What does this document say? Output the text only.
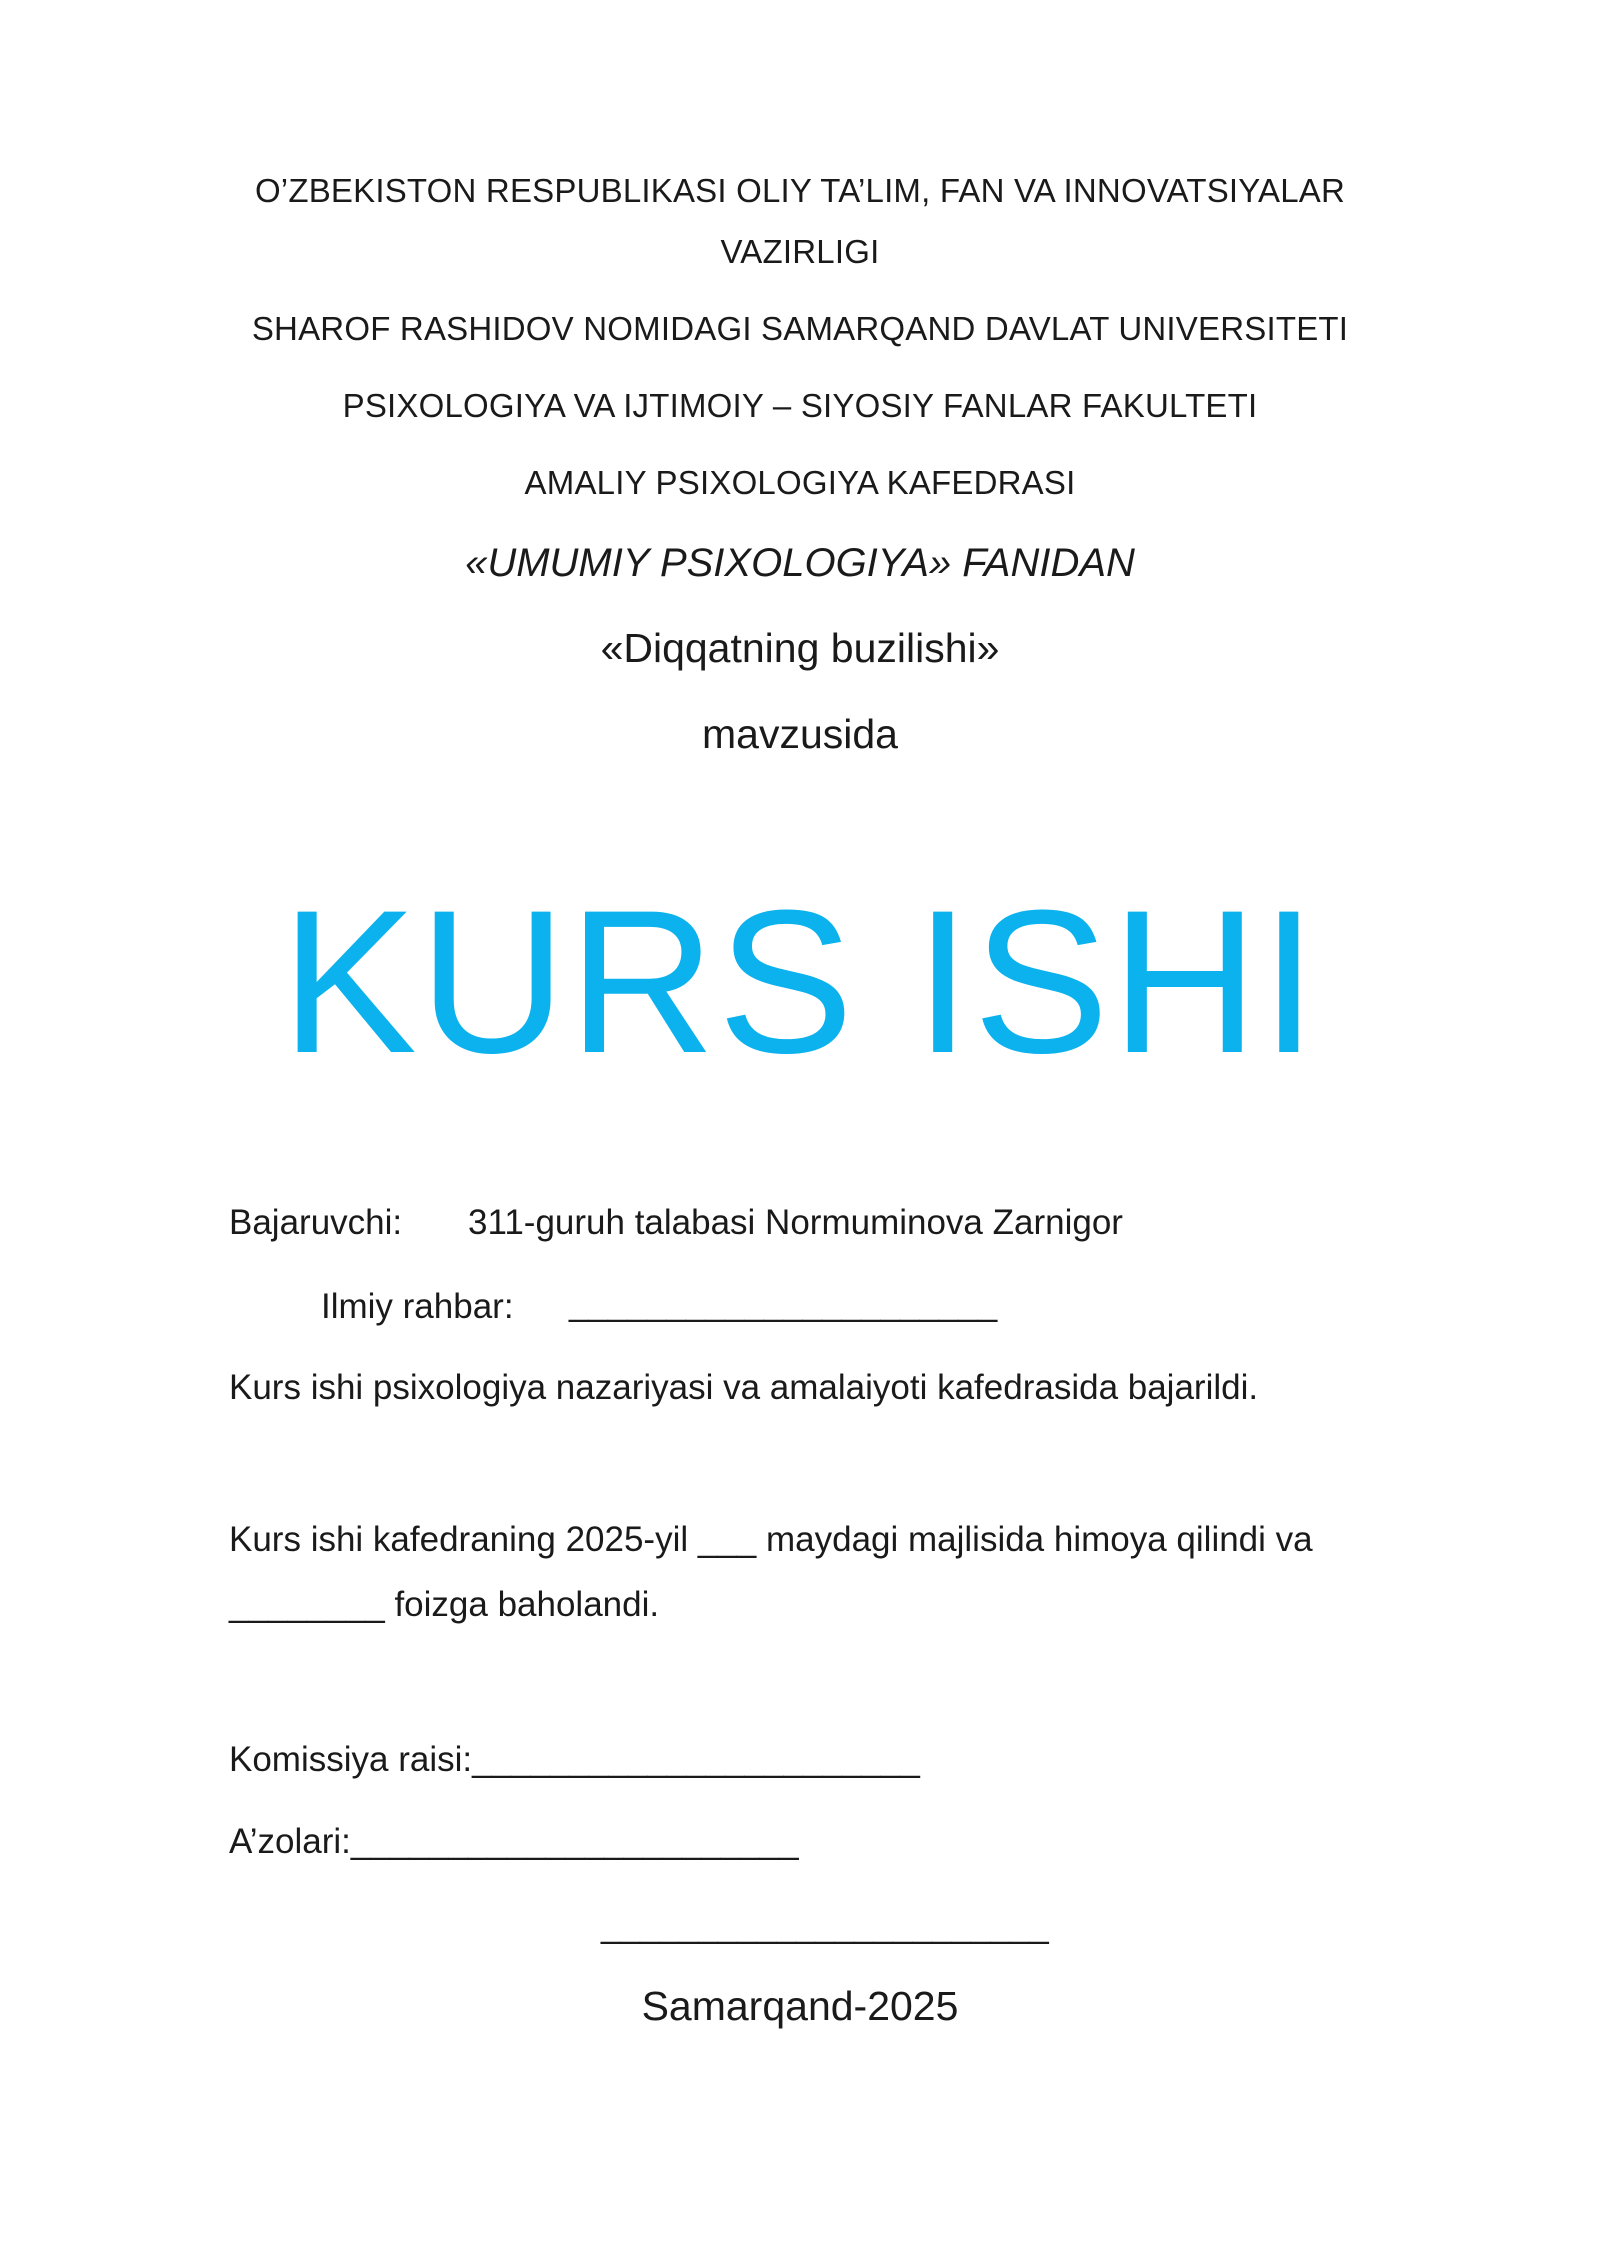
O’ZBEKISTON RESPUBLIKASI OLIY TA’LIM, FAN VA INNOVATSIYALAR
VAZIRLIGI
SHAROF RASHIDOV NOMIDAGI SAMARQAND DAVLAT UNIVERSITETI
PSIXOLOGIYA VA IJTIMOIY – SIYOSIY FANLAR FAKULTETI
AMALIY PSIXOLOGIYA KAFEDRASI
«UMUMIY PSIXOLOGIYA» FANIDAN
«Diqqatning buzilishi»
mavzusida
KURS ISHI
Bajaruvchi: 311-guruh talabasi Normuminova Zarnigor
Ilmiy rahbar: ______________________
Kurs ishi psixologiya nazariyasi va amalaiyoti kafedrasida bajarildi.
Kurs ishi kafedraning 2025-yil ___ maydagi majlisida himoya qilindi va
________ foizga baholandi.
Komissiya raisi:_______________________
A’zolari:_______________________
_______________________
Samarqand-2025
